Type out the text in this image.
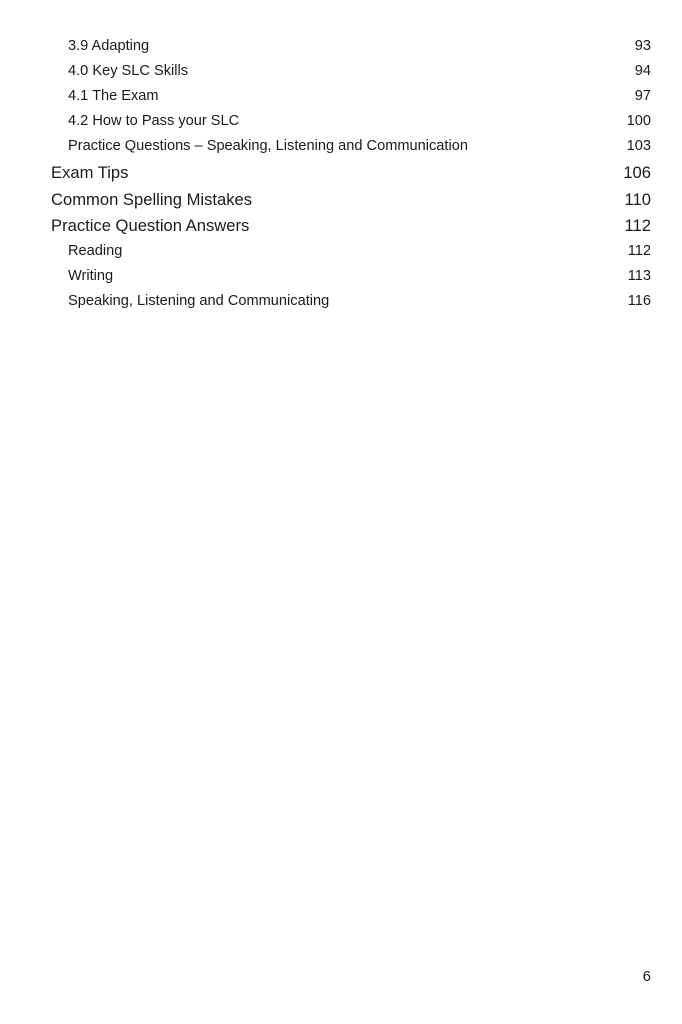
3.9 Adapting	93
4.0 Key SLC Skills	94
4.1 The Exam	97
4.2 How to Pass your SLC	100
Practice Questions – Speaking, Listening and Communication	103
Exam Tips	106
Common Spelling Mistakes	110
Practice Question Answers	112
Reading	112
Writing	113
Speaking, Listening and Communicating	116
6
